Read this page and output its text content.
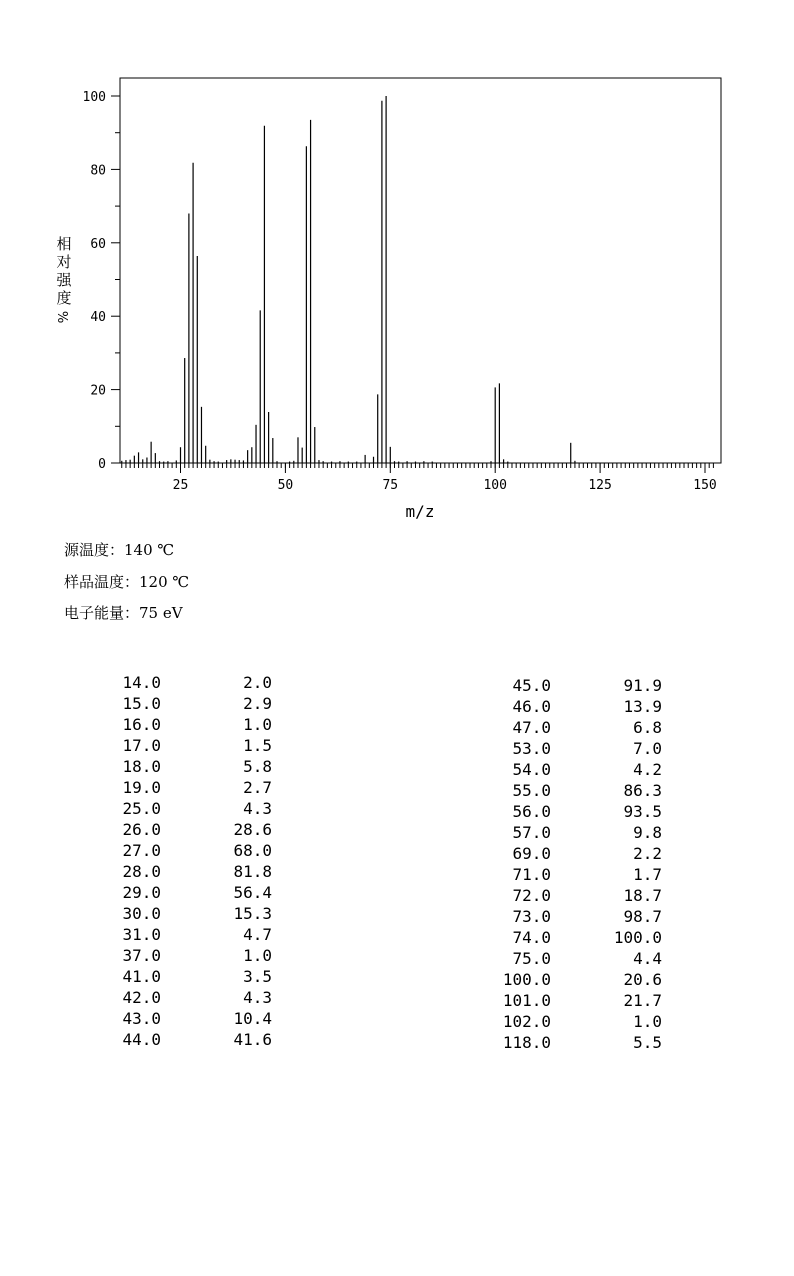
25	50	75	100	125	150
0
20
40
60
80
100
m/z
相
对
强
度
%
源温度：140 ℃
样品温度：120 ℃
电子能量：75 eV
14.0	2.0
15.0	2.9
16.0	1.0
17.0	1.5
18.0	5.8
19.0	2.7
25.0	4.3
26.0	28.6
27.0	68.0
28.0	81.8
29.0	56.4
30.0	15.3
31.0	4.7
37.0	1.0
41.0	3.5
42.0	4.3
43.0	10.4
44.0	41.6
45.0	91.9
46.0	13.9
47.0	6.8
53.0	7.0
54.0	4.2
55.0	86.3
56.0	93.5
57.0	9.8
69.0	2.2
71.0	1.7
72.0	18.7
73.0	98.7
74.0	100.0
75.0	4.4
100.0	20.6
101.0	21.7
102.0	1.0
118.0	5.5
